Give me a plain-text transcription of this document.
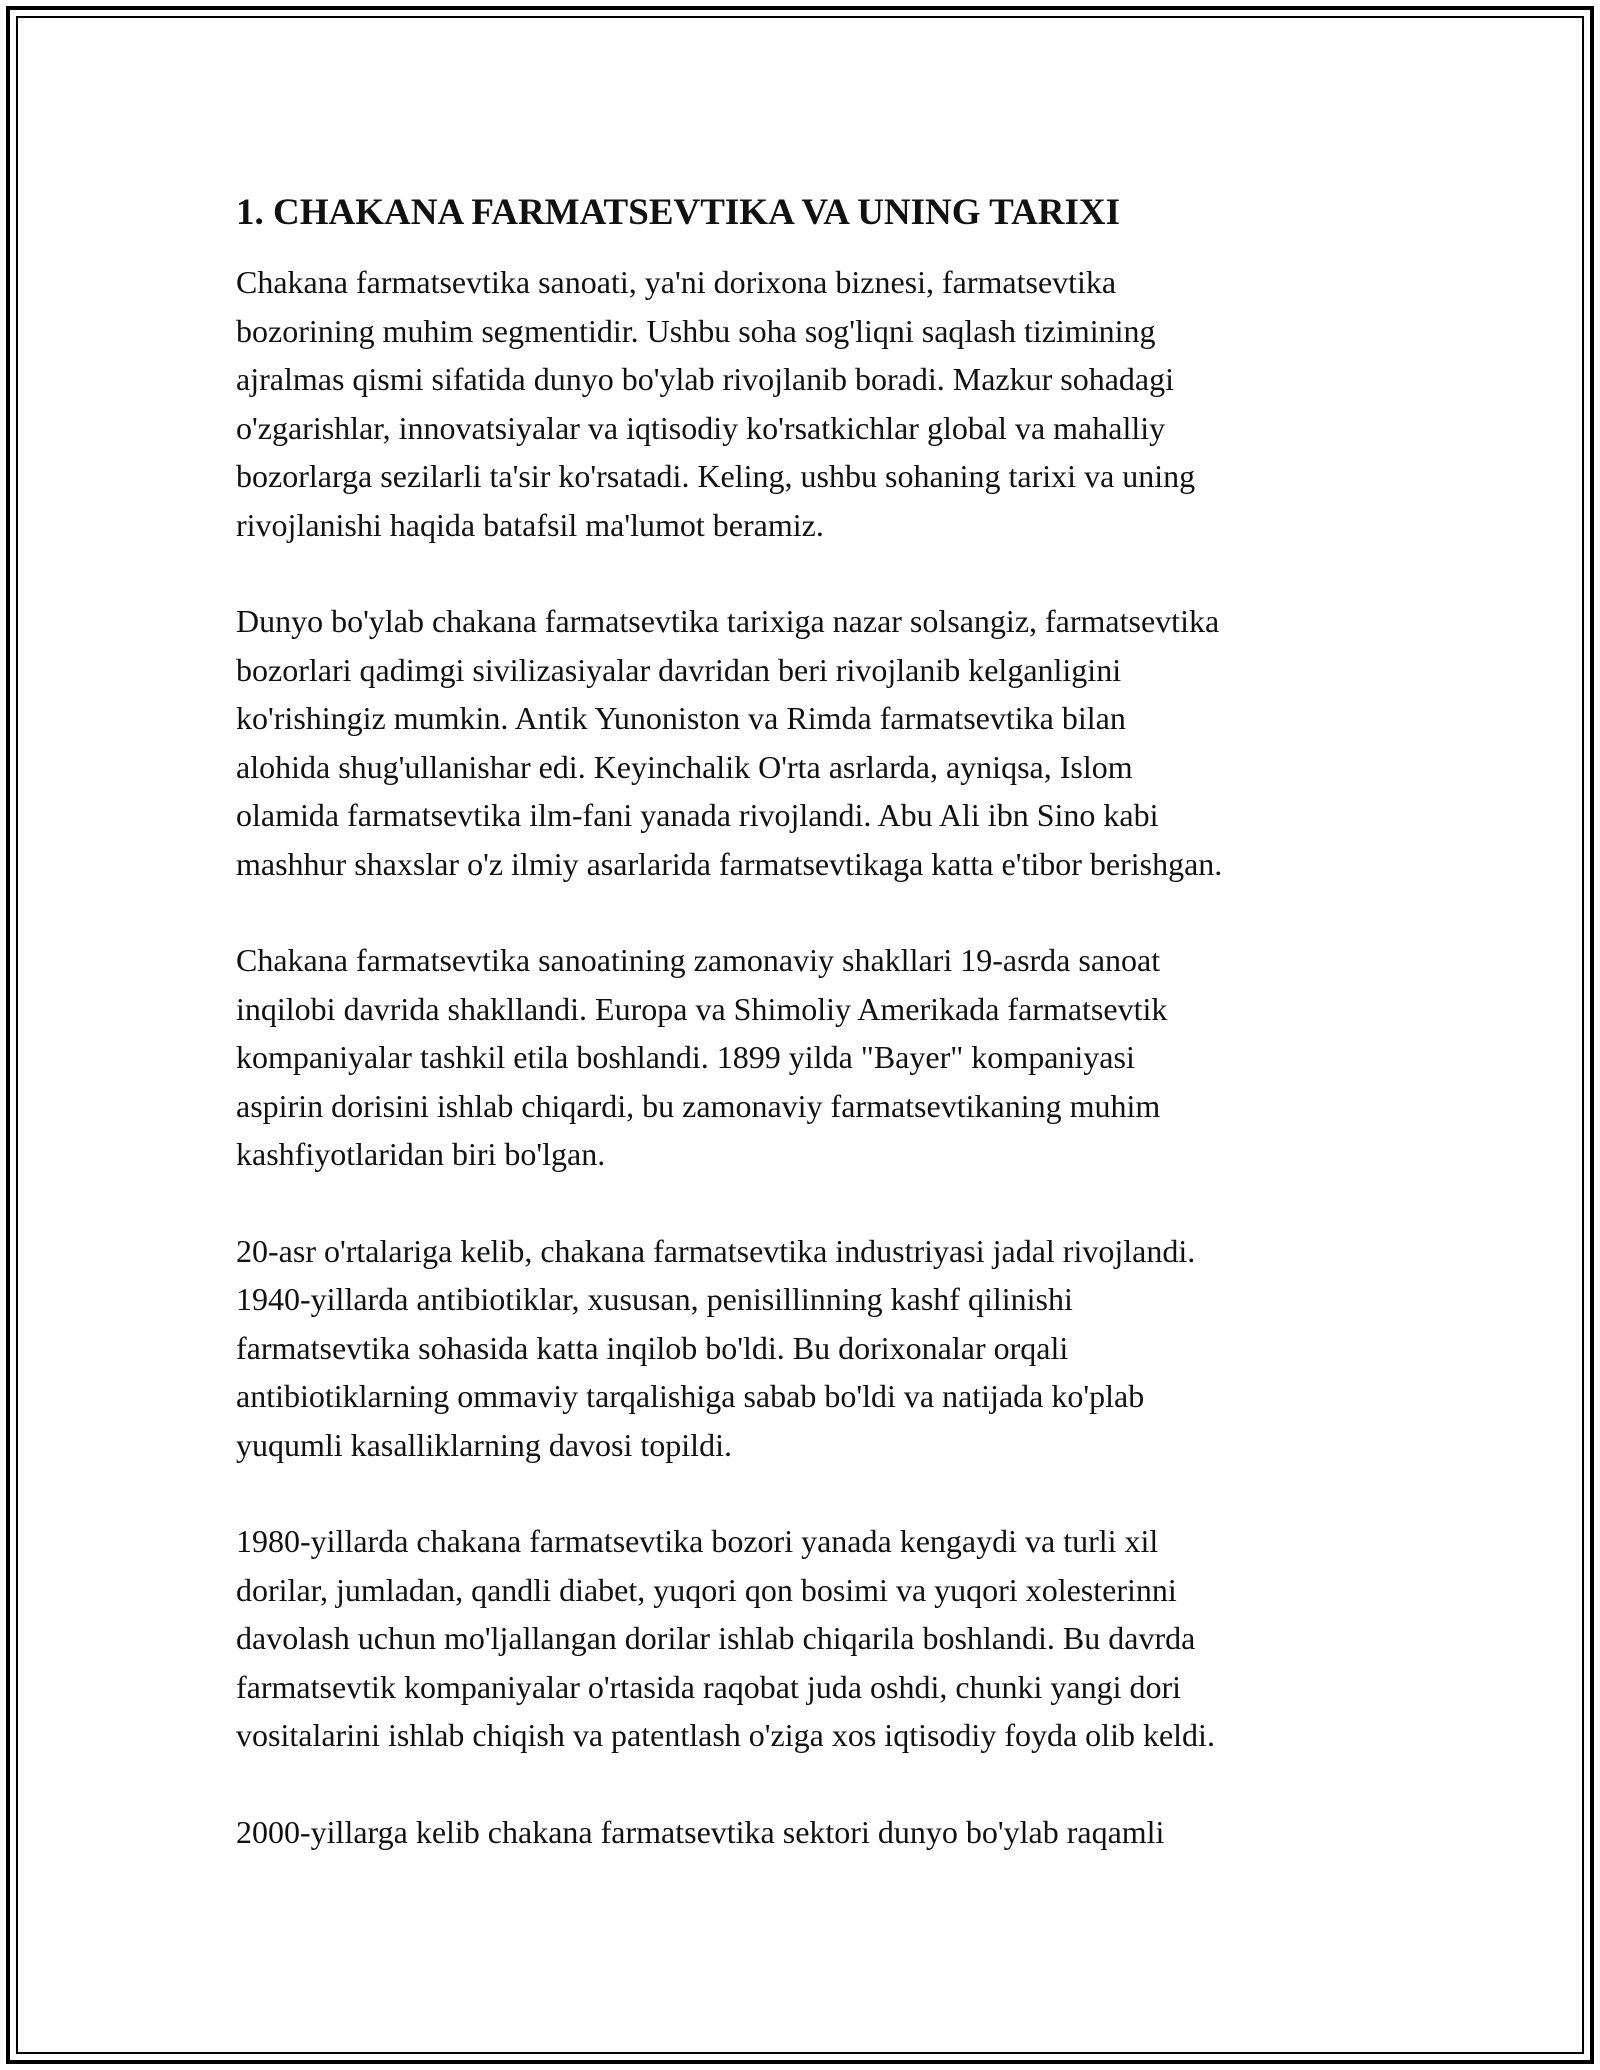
1. CHAKANA FARMATSEVTIKA VA UNING TARIXI
Chakana farmatsevtika sanoati, ya'ni dorixona biznesi, farmatsevtika
bozorining muhim segmentidir. Ushbu soha sog'liqni saqlash tizimining
ajralmas qismi sifatida dunyo bo'ylab rivojlanib boradi. Mazkur sohadagi
o'zgarishlar, innovatsiyalar va iqtisodiy ko'rsatkichlar global va mahalliy
bozorlarga sezilarli ta'sir ko'rsatadi. Keling, ushbu sohaning tarixi va uning
rivojlanishi haqida batafsil ma'lumot beramiz.
Dunyo bo'ylab chakana farmatsevtika tarixiga nazar solsangiz, farmatsevtika
bozorlari qadimgi sivilizasiyalar davridan beri rivojlanib kelganligini
ko'rishingiz mumkin. Antik Yunoniston va Rimda farmatsevtika bilan
alohida shug'ullanishar edi. Keyinchalik O'rta asrlarda, ayniqsa, Islom
olamida farmatsevtika ilm-fani yanada rivojlandi. Abu Ali ibn Sino kabi
mashhur shaxslar o'z ilmiy asarlarida farmatsevtikaga katta e'tibor berishgan.
Chakana farmatsevtika sanoatining zamonaviy shakllari 19-asrda sanoat
inqilobi davrida shakllandi. Europa va Shimoliy Amerikada farmatsevtik
kompaniyalar tashkil etila boshlandi. 1899 yilda "Bayer" kompaniyasi
aspirin dorisini ishlab chiqardi, bu zamonaviy farmatsevtikaning muhim
kashfiyotlaridan biri bo'lgan.
20-asr o'rtalariga kelib, chakana farmatsevtika industriyasi jadal rivojlandi.
1940-yillarda antibiotiklar, xususan, penisillinning kashf qilinishi
farmatsevtika sohasida katta inqilob bo'ldi. Bu dorixonalar orqali
antibiotiklarning ommaviy tarqalishiga sabab bo'ldi va natijada ko'plab
yuqumli kasalliklarning davosi topildi.
1980-yillarda chakana farmatsevtika bozori yanada kengaydi va turli xil
dorilar, jumladan, qandli diabet, yuqori qon bosimi va yuqori xolesterinni
davolash uchun mo'ljallangan dorilar ishlab chiqarila boshlandi. Bu davrda
farmatsevtik kompaniyalar o'rtasida raqobat juda oshdi, chunki yangi dori
vositalarini ishlab chiqish va patentlash o'ziga xos iqtisodiy foyda olib keldi.
2000-yillarga kelib chakana farmatsevtika sektori dunyo bo'ylab raqamli
